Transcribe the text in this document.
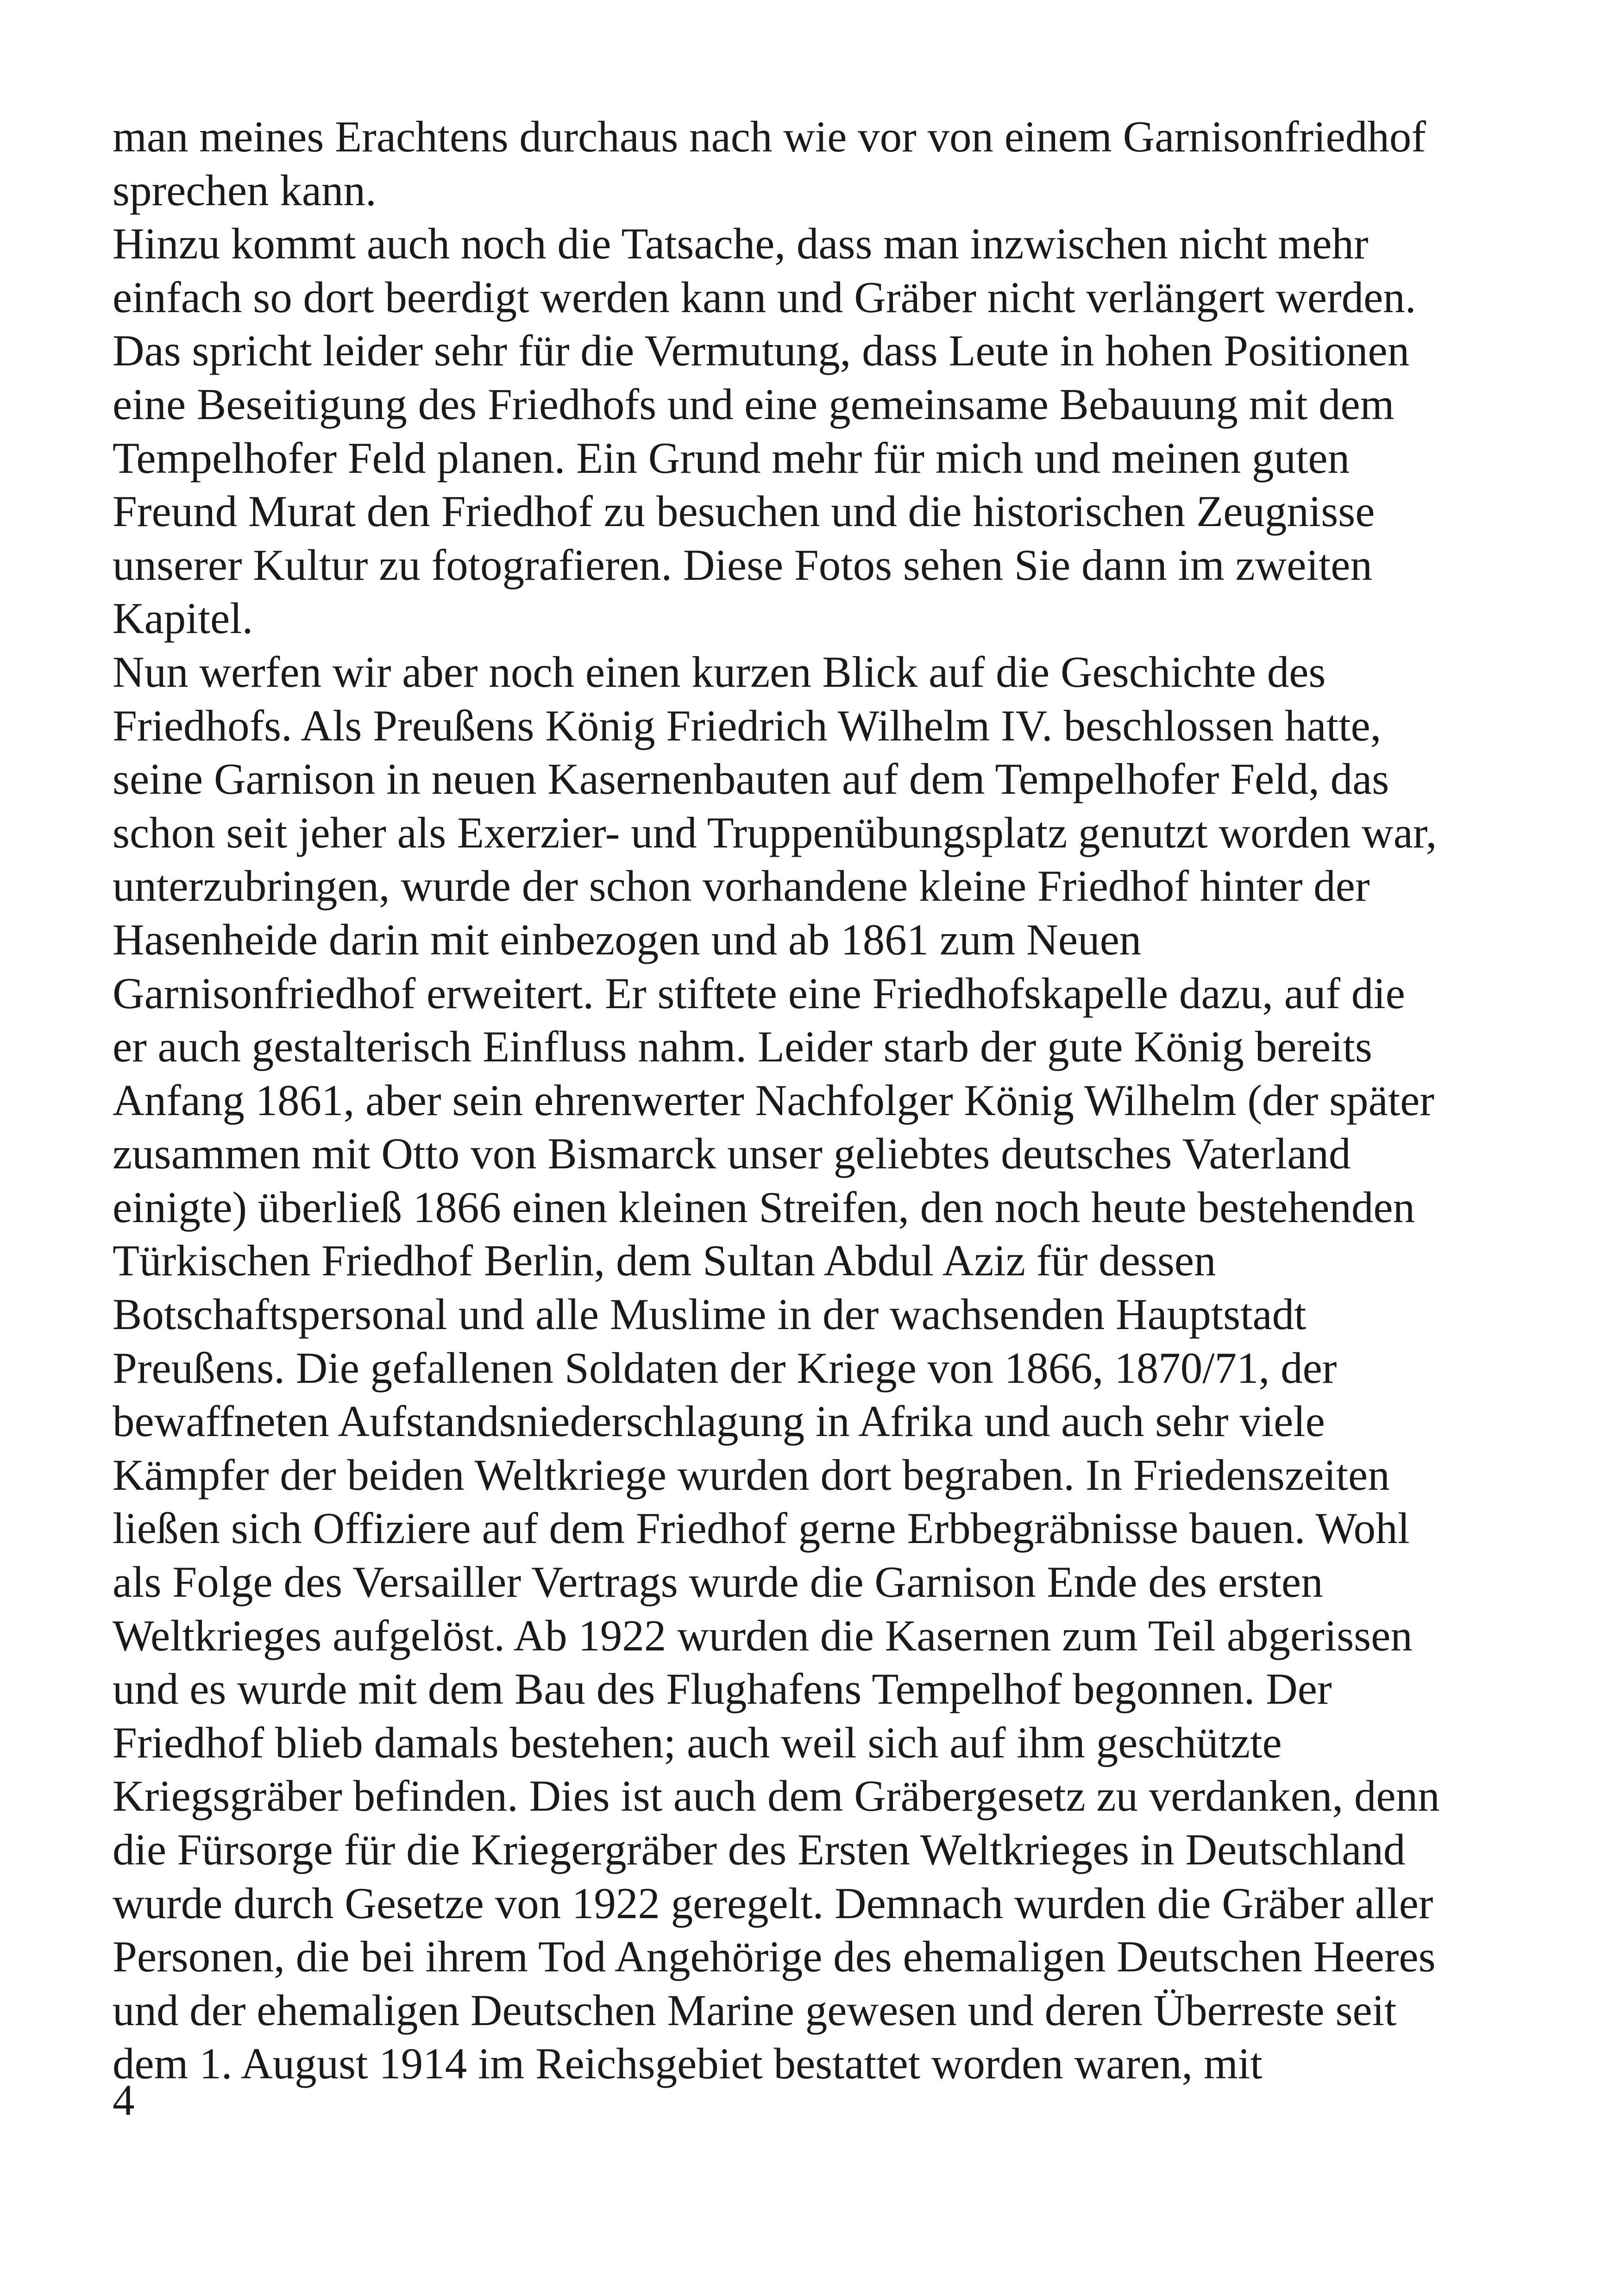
man meines Erachtens durchaus nach wie vor von einem Garnisonfriedhof
sprechen kann.
Hinzu kommt auch noch die Tatsache, dass man inzwischen nicht mehr
einfach so dort beerdigt werden kann und Gräber nicht verlängert werden.
Das spricht leider sehr für die Vermutung, dass Leute in hohen Positionen
eine Beseitigung des Friedhofs und eine gemeinsame Bebauung mit dem
Tempelhofer Feld planen. Ein Grund mehr für mich und meinen guten
Freund Murat den Friedhof zu besuchen und die historischen Zeugnisse
unserer Kultur zu fotografieren. Diese Fotos sehen Sie dann im zweiten
Kapitel.
Nun werfen wir aber noch einen kurzen Blick auf die Geschichte des
Friedhofs. Als Preußens König Friedrich Wilhelm IV. beschlossen hatte,
seine Garnison in neuen Kasernenbauten auf dem Tempelhofer Feld, das
schon seit jeher als Exerzier- und Truppenübungsplatz genutzt worden war,
unterzubringen, wurde der schon vorhandene kleine Friedhof hinter der
Hasenheide darin mit einbezogen und ab 1861 zum Neuen
Garnisonfriedhof erweitert. Er stiftete eine Friedhofskapelle dazu, auf die
er auch gestalterisch Einfluss nahm. Leider starb der gute König bereits
Anfang 1861, aber sein ehrenwerter Nachfolger König Wilhelm (der später
zusammen mit Otto von Bismarck unser geliebtes deutsches Vaterland
einigte) überließ 1866 einen kleinen Streifen, den noch heute bestehenden
Türkischen Friedhof Berlin, dem Sultan Abdul Aziz für dessen
Botschaftspersonal und alle Muslime in der wachsenden Hauptstadt
Preußens. Die gefallenen Soldaten der Kriege von 1866, 1870/71, der
bewaffneten Aufstandsniederschlagung in Afrika und auch sehr viele
Kämpfer der beiden Weltkriege wurden dort begraben. In Friedenszeiten
ließen sich Offiziere auf dem Friedhof gerne Erbbegräbnisse bauen. Wohl
als Folge des Versailler Vertrags wurde die Garnison Ende des ersten
Weltkrieges aufgelöst. Ab 1922 wurden die Kasernen zum Teil abgerissen
und es wurde mit dem Bau des Flughafens Tempelhof begonnen. Der
Friedhof blieb damals bestehen; auch weil sich auf ihm geschützte
Kriegsgräber befinden. Dies ist auch dem Gräbergesetz zu verdanken, denn
die Fürsorge für die Kriegergräber des Ersten Weltkrieges in Deutschland
wurde durch Gesetze von 1922 geregelt. Demnach wurden die Gräber aller
Personen, die bei ihrem Tod Angehörige des ehemaligen Deutschen Heeres
und der ehemaligen Deutschen Marine gewesen und deren Überreste seit
dem 1. August 1914 im Reichsgebiet bestattet worden waren, mit
4
